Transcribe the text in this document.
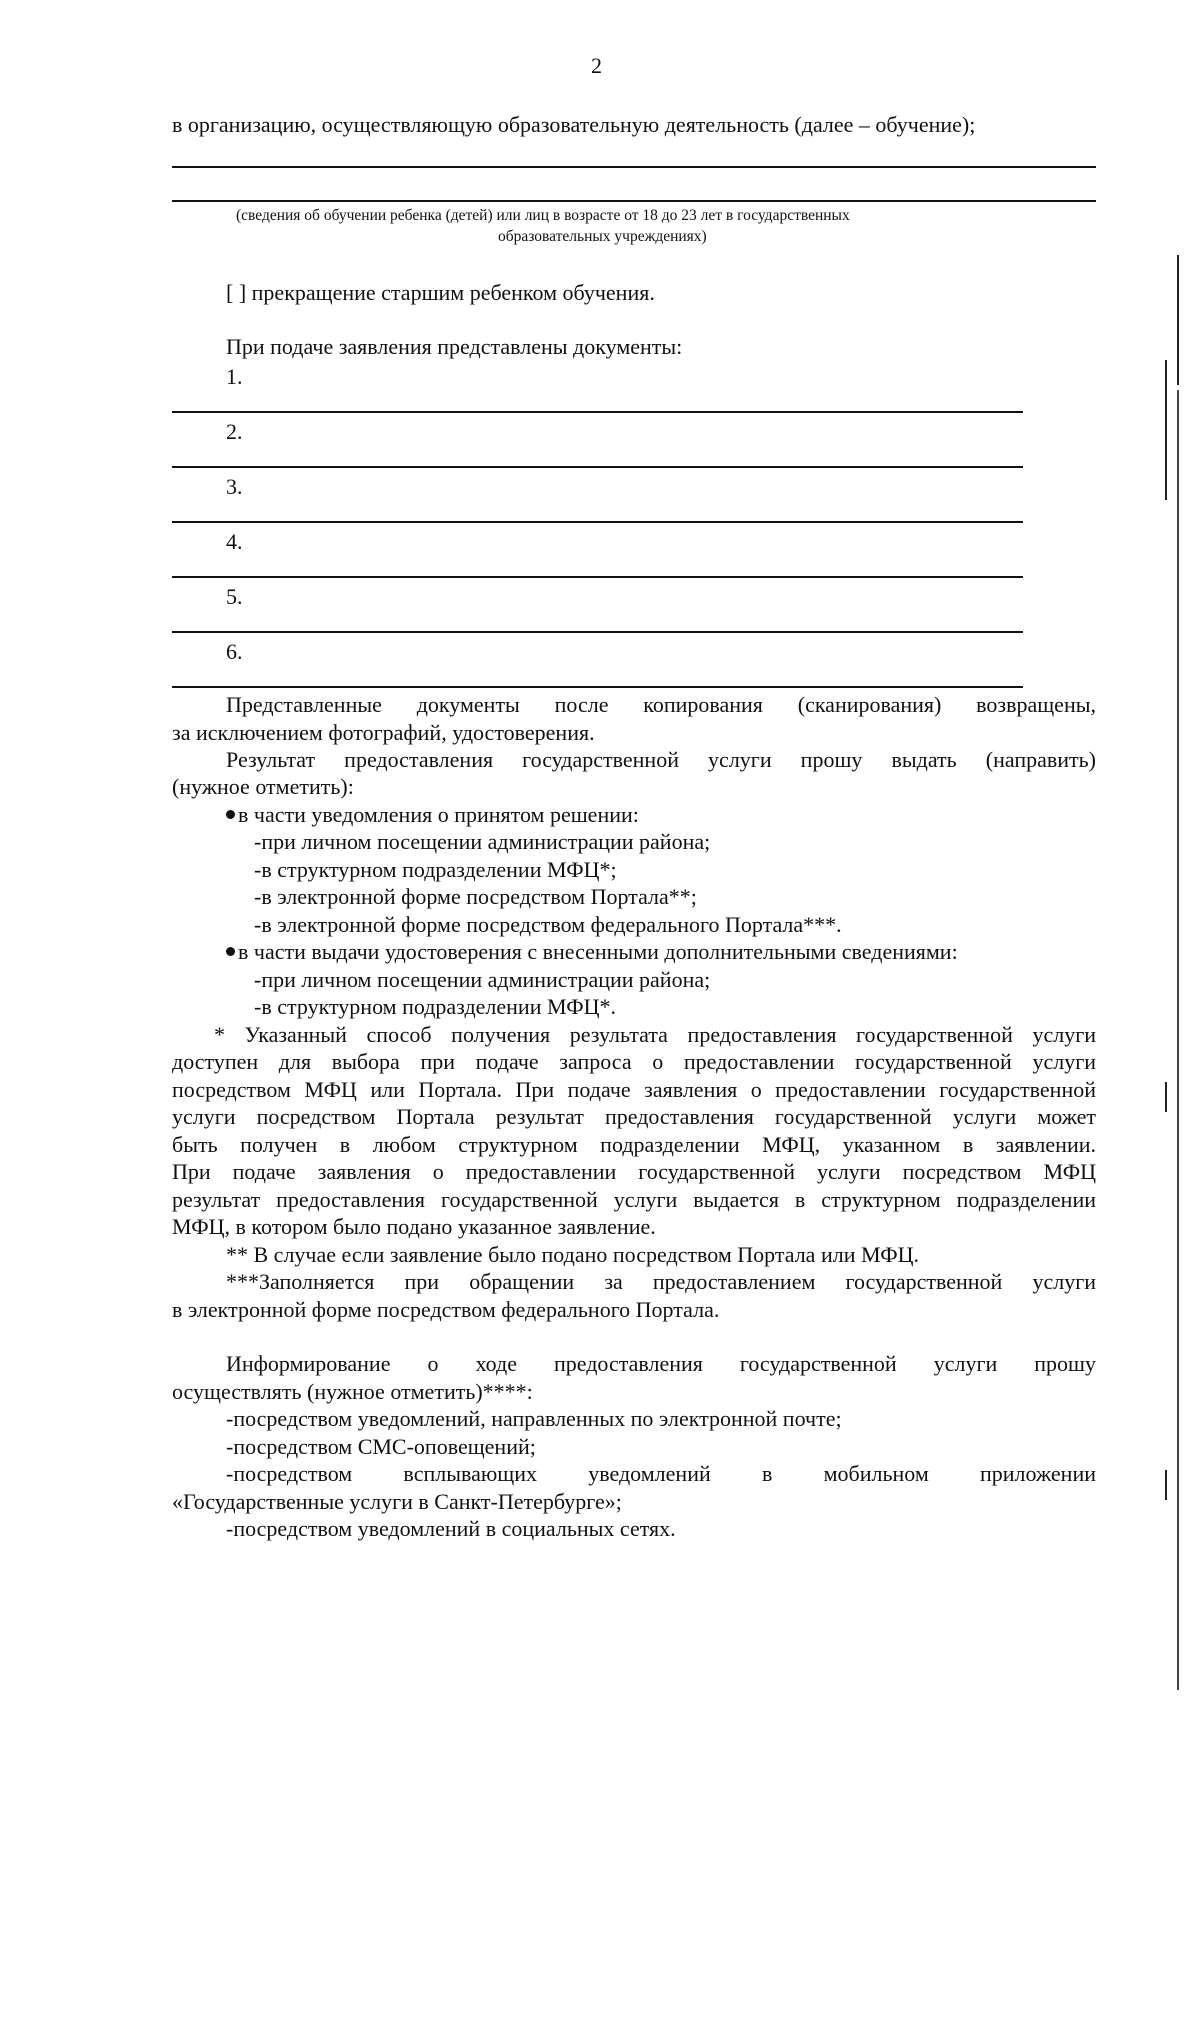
2
в организацию, осуществляющую образовательную деятельность (далее – обучение);
(сведения об обучении ребенка (детей) или лиц в возрасте от 18 до 23 лет в государственных
образовательных учреждениях)
[ ] прекращение старшим ребенком обучения.
При подаче заявления представлены документы:
1.
2.
3.
4.
5.
6.
Представленные документы после копирования (сканирования) возвращены,
за исключением фотографий, удостоверения.
Результат предоставления государственной услуги прошу выдать (направить)
(нужное отметить):
в части уведомления о принятом решении:
-при личном посещении администрации района;
-в структурном подразделении МФЦ*;
-в электронной форме посредством Портала**;
-в электронной форме посредством федерального Портала***.
в части выдачи удостоверения с внесенными дополнительными сведениями:
-при личном посещении администрации района;
-в структурном подразделении МФЦ*.
* Указанный способ получения результата предоставления государственной услуги
доступен для выбора при подаче запроса о предоставлении государственной услуги
посредством МФЦ или Портала. При подаче заявления о предоставлении государственной
услуги посредством Портала результат предоставления государственной услуги может
быть получен в любом структурном подразделении МФЦ, указанном в заявлении.
При подаче заявления о предоставлении государственной услуги посредством МФЦ
результат предоставления государственной услуги выдается в структурном подразделении
МФЦ, в котором было подано указанное заявление.
** В случае если заявление было подано посредством Портала или МФЦ.
***Заполняется при обращении за предоставлением государственной услуги
в электронной форме посредством федерального Портала.
Информирование о ходе предоставления государственной услуги прошу
осуществлять (нужное отметить)****:
-посредством уведомлений, направленных по электронной почте;
-посредством СМС-оповещений;
-посредством всплывающих уведомлений в мобильном приложении
«Государственные услуги в Санкт-Петербурге»;
-посредством уведомлений в социальных сетях.
